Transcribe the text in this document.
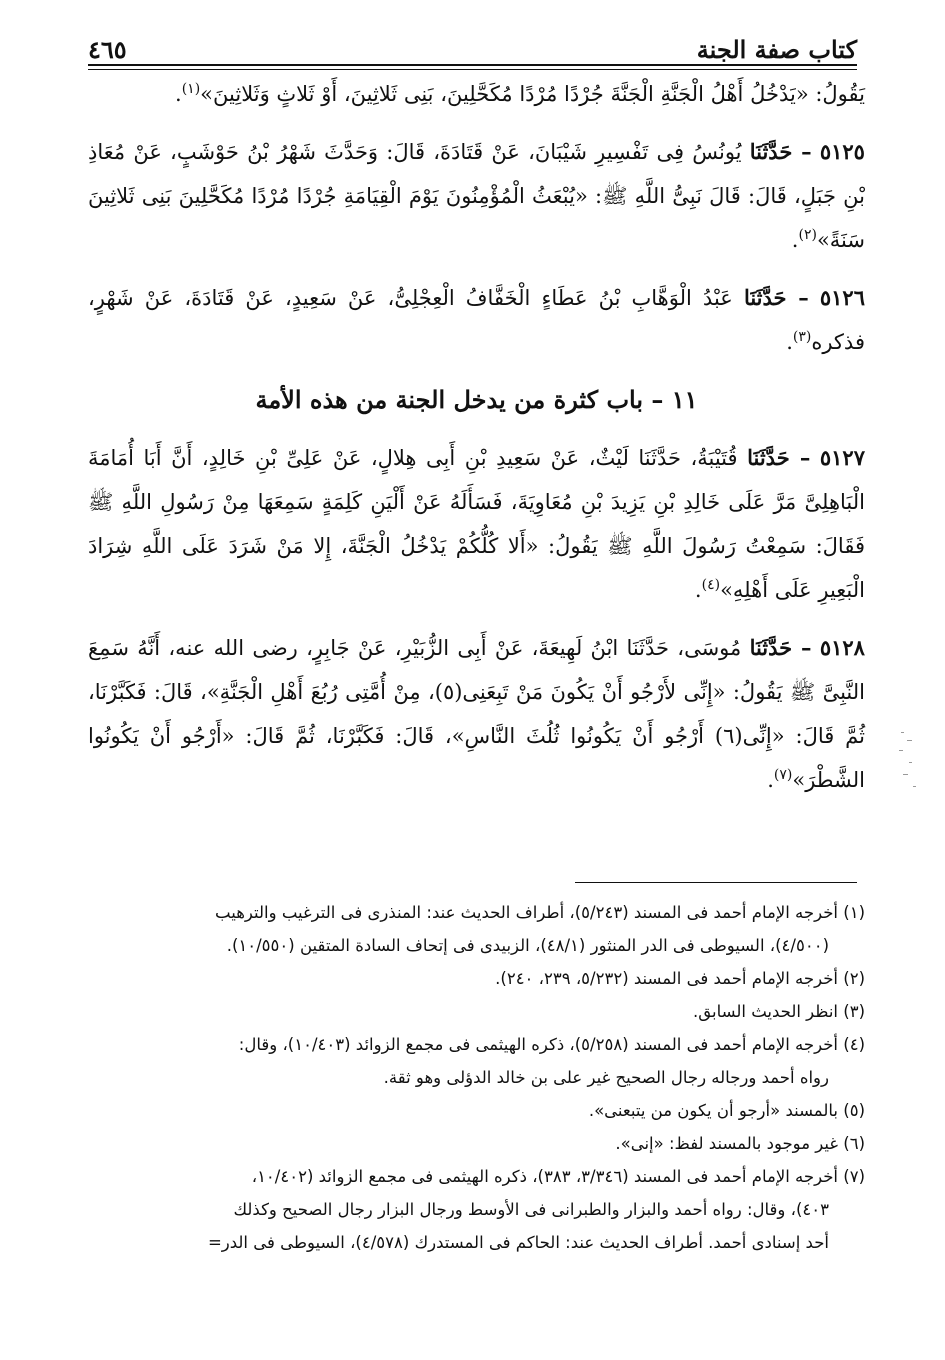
كتاب صفة الجنة
٤٦٥

يَقُولُ: «يَدْخُلُ أَهْلُ الْجَنَّةِ الْجَنَّةَ جُرْدًا مُرْدًا مُكَحَّلِينَ، بَنِى ثَلاثِينَ، أَوْ ثَلاثٍ وَثَلاثِينَ»$^{(١)}$.

٥١٢٥ – حَدَّثَنَا يُونُسُ فِى تَفْسِيرِ شَيْبَانَ، عَنْ قَتَادَةَ، قَالَ: وَحَدَّثَ شَهْرُ بْنُ حَوْشَبٍ، عَنْ مُعَاذِ بْنِ جَبَلٍ، قَالَ: قَالَ نَبِىُّ اللَّهِ ﷺ: «يُبْعَثُ الْمُؤْمِنُونَ يَوْمَ الْقِيَامَةِ جُرْدًا مُرْدًا مُكَحَّلِينَ بَنِى ثَلاثِينَ سَنَةً»$^{(٢)}$.

٥١٢٦ – حَدَّثَنَا عَبْدُ الْوَهَّابِ بْنُ عَطَاءٍ الْخَفَّافُ الْعِجْلِىُّ، عَنْ سَعِيدٍ، عَنْ قَتَادَةَ، عَنْ شَهْرٍ، فذكره$^{(٣)}$.

١١ – باب كثرة من يدخل الجنة من هذه الأمة

٥١٢٧ – حَدَّثَنَا قُتَيْبَةُ، حَدَّثَنَا لَيْثٌ، عَنْ سَعِيدِ بْنِ أَبِى هِلالٍ، عَنْ عَلِىِّ بْنِ خَالِدٍ، أَنَّ أَبَا أُمَامَةَ الْبَاهِلِىَّ مَرَّ عَلَى خَالِدِ بْنِ يَزِيدَ بْنِ مُعَاوِيَةَ، فَسَأَلَهُ عَنْ أَلْيَنِ كَلِمَةٍ سَمِعَهَا مِنْ رَسُولِ اللَّهِ ﷺ فَقَالَ: سَمِعْتُ رَسُولَ اللَّهِ ﷺ يَقُولُ: «أَلا كُلُّكُمْ يَدْخُلُ الْجَنَّةَ، إِلا مَنْ شَرَدَ عَلَى اللَّهِ شِرَادَ الْبَعِيرِ عَلَى أَهْلِهِ»$^{(٤)}$.

٥١٢٨ – حَدَّثَنَا مُوسَى، حَدَّثَنَا ابْنُ لَهِيعَةَ، عَنْ أَبِى الزُّبَيْرِ، عَنْ جَابِرٍ، رضى الله عنه، أَنَّهُ سَمِعَ النَّبِىَّ ﷺ يَقُولُ: «إِنِّى لأَرْجُو أَنْ يَكُونَ مَنْ تَبِعَنِى(٥)، مِنْ أُمَّتِى رُبُعَ أَهْلِ الْجَنَّةِ»، قَالَ: فَكَبَّرْنَا، ثُمَّ قَالَ: «إِنِّى(٦) أَرْجُو أَنْ يَكُونُوا ثُلُثَ النَّاسِ»، قَالَ: فَكَبَّرْنَا، ثُمَّ قَالَ: «أَرْجُو أَنْ يَكُونُوا الشَّطْرَ»$^{(٧)}$.

(١) أخرجه الإمام أحمد فى المسند (٥/٢٤٣)، أطراف الحديث عند: المنذرى فى الترغيب والترهيب

(٤/٥٠٠)، السيوطى فى الدر المنثور (٤٨/١)، الزبيدى فى إتحاف السادة المتقين (١٠/٥٥٠).

(٢) أخرجه الإمام أحمد فى المسند (٥/٢٣٢، ٢٣٩، ٢٤٠).

(٣) انظر الحديث السابق.

(٤) أخرجه الإمام أحمد فى المسند (٥/٢٥٨)، ذكره الهيثمى فى مجمع الزوائد (١٠/٤٠٣)، وقال:

رواه أحمد ورجاله رجال الصحيح غير على بن خالد الدؤلى وهو ثقة.

(٥) بالمسند «أرجو أن يكون من يتبعنى».

(٦) غير موجود بالمسند لفظ: «إنى».

(٧) أخرجه الإمام أحمد فى المسند (٣/٣٤٦، ٣٨٣)، ذكره الهيثمى فى مجمع الزوائد (١٠/٤٠٢،

٤٠٣)، وقال: رواه أحمد والبزار والطبرانى فى الأوسط ورجال البزار رجال الصحيح وكذلك

أحد إسنادى أحمد. أطراف الحديث عند: الحاكم فى المستدرك (٤/٥٧٨)، السيوطى فى الدر=
